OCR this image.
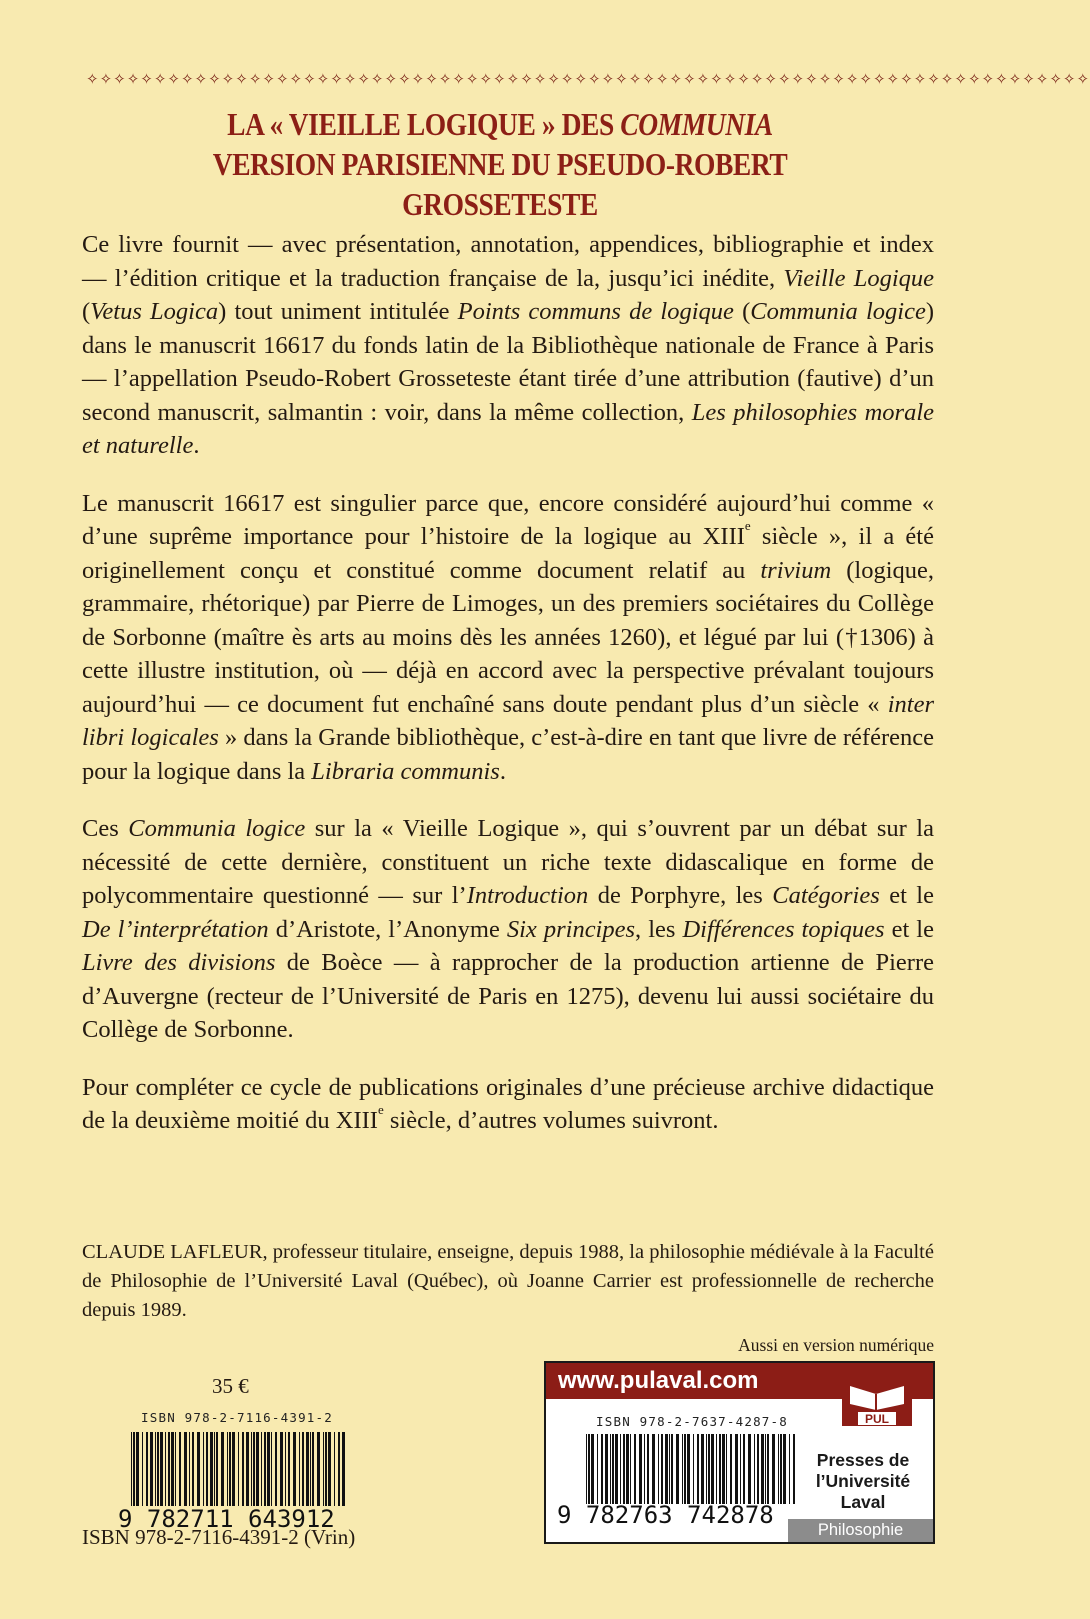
✧✧✧✧✧✧✧✧✧✧✧✧✧✧✧✧✧✧✧✧✧✧✧✧✧✧✧✧✧✧✧✧✧✧✧✧✧✧✧✧✧✧✧✧✧✧✧✧✧✧✧✧✧✧✧✧✧✧✧✧✧✧✧✧✧✧✧✧✧✧✧✧✧✧
LA « VIEILLE LOGIQUE » DES COMMUNIA
VERSION PARISIENNE DU PSEUDO-ROBERT GROSSETESTE

Ce livre fournit — avec présentation, annotation, appendices, bibliographie et index — l’édition critique et la traduction française de la, jusqu’ici inédite, Vieille Logique (Vetus Logica) tout uniment intitulée Points communs de logique (Communia logice) dans le manuscrit 16617 du fonds latin de la Bibliothèque nationale de France à Paris — l’appellation Pseudo-Robert Grosseteste étant tirée d’une attribution (fautive) d’un second manuscrit, salmantin : voir, dans la même collection, Les philosophies morale et naturelle.

Le manuscrit 16617 est singulier parce que, encore considéré aujourd’hui comme « d’une suprême importance pour l’histoire de la logique au XIIIe siècle », il a été originellement conçu et constitué comme document relatif au trivium (logique, grammaire, rhétorique) par Pierre de Limoges, un des premiers sociétaires du Collège de Sorbonne (maître ès arts au moins dès les années 1260), et légué par lui (†1306) à cette illustre institution, où — déjà en accord avec la perspective prévalant toujours aujourd’hui — ce document fut enchaîné sans doute pendant plus d’un siècle « inter libri logicales » dans la Grande bibliothèque, c’est-à-dire en tant que livre de référence pour la logique dans la Libraria communis.

Ces Communia logice sur la « Vieille Logique », qui s’ouvrent par un débat sur la nécessité de cette dernière, constituent un riche texte didascalique en forme de polycommentaire questionné — sur l’Introduction de Porphyre, les Catégories et le De l’interprétation d’Aristote, l’Anonyme Six principes, les Différences topiques et le Livre des divisions de Boèce — à rapprocher de la production artienne de Pierre d’Auvergne (recteur de l’Université de Paris en 1275), devenu lui aussi sociétaire du Collège de Sorbonne.

Pour compléter ce cycle de publications originales d’une précieuse archive didactique de la deuxième moitié du XIIIe siècle, d’autres volumes suivront.

CLAUDE LAFLEUR, professeur titulaire, enseigne, depuis 1988, la philosophie médiévale à la Faculté de Philosophie de l’Université Laval (Québec), où Joanne Carrier est professionnelle de recherche depuis 1989.
Aussi en version numérique
35 €
ISBN 978-2-7116-4391-2
9 782711 643912
ISBN 978-2-7116-4391-2 (Vrin)
www.pulaval.com
PUL
Presses de
l’Université
Laval
ISBN 978-2-7637-4287-8
9 782763 742878
Philosophie
